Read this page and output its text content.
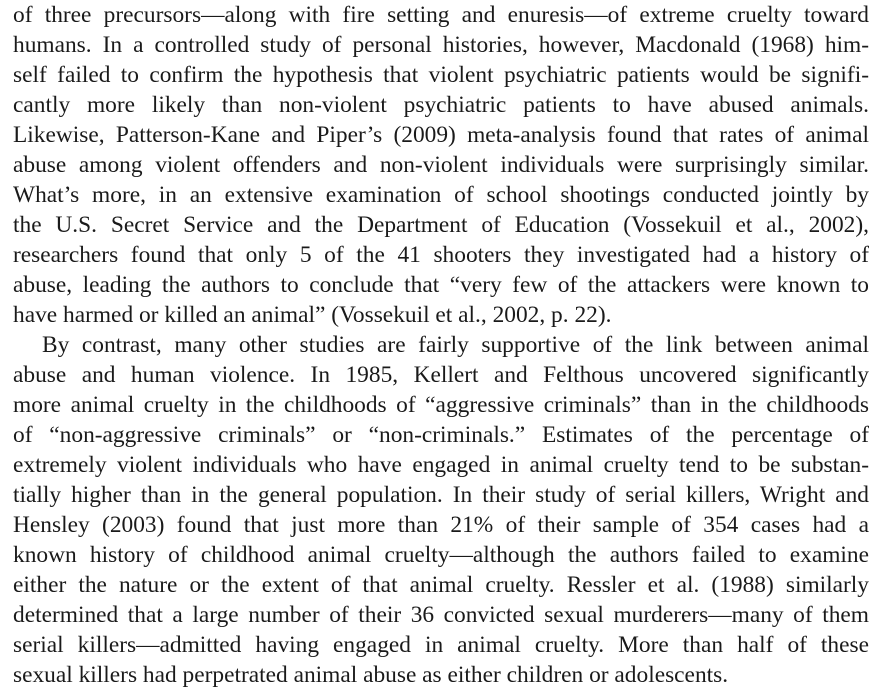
of three precursors—along with fire setting and enuresis—of extreme cruelty toward
humans. In a controlled study of personal histories, however, Macdonald (1968) him-
self failed to confirm the hypothesis that violent psychiatric patients would be signifi-
cantly more likely than non-violent psychiatric patients to have abused animals.
Likewise, Patterson-Kane and Piper’s (2009) meta-analysis found that rates of animal
abuse among violent offenders and non-violent individuals were surprisingly similar.
What’s more, in an extensive examination of school shootings conducted jointly by
the U.S. Secret Service and the Department of Education (Vossekuil et al., 2002),
researchers found that only 5 of the 41 shooters they investigated had a history of
abuse, leading the authors to conclude that “very few of the attackers were known to
have harmed or killed an animal” (Vossekuil et al., 2002, p. 22).
By contrast, many other studies are fairly supportive of the link between animal
abuse and human violence. In 1985, Kellert and Felthous uncovered significantly
more animal cruelty in the childhoods of “aggressive criminals” than in the childhoods
of “non-aggressive criminals” or “non-criminals.” Estimates of the percentage of
extremely violent individuals who have engaged in animal cruelty tend to be substan-
tially higher than in the general population. In their study of serial killers, Wright and
Hensley (2003) found that just more than 21% of their sample of 354 cases had a
known history of childhood animal cruelty—although the authors failed to examine
either the nature or the extent of that animal cruelty. Ressler et al. (1988) similarly
determined that a large number of their 36 convicted sexual murderers—many of them
serial killers—admitted having engaged in animal cruelty. More than half of these
sexual killers had perpetrated animal abuse as either children or adolescents.
